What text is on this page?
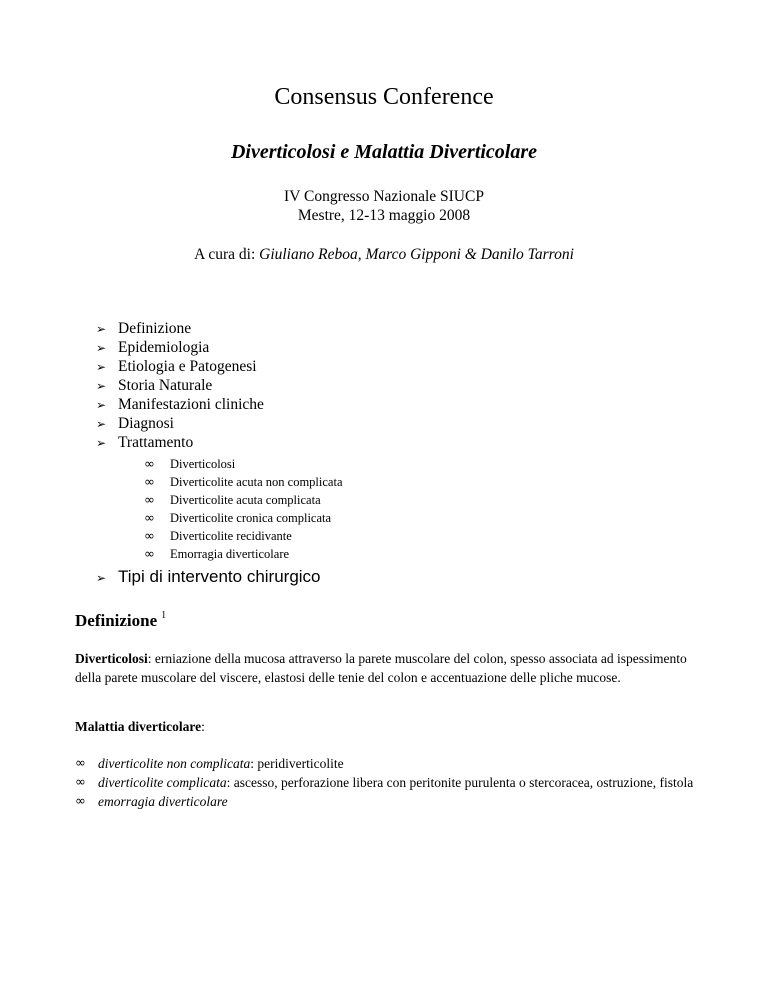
Consensus Conference
Diverticolosi e Malattia Diverticolare
IV Congresso Nazionale SIUCP
Mestre, 12-13 maggio 2008
A cura di: Giuliano Reboa, Marco Gipponi & Danilo Tarroni
➢ Definizione
➢ Epidemiologia
➢ Etiologia e Patogenesi
➢ Storia Naturale
➢ Manifestazioni cliniche
➢ Diagnosi
➢ Trattamento
∞ Diverticolosi
∞ Diverticolite acuta non complicata
∞ Diverticolite acuta complicata
∞ Diverticolite cronica complicata
∞ Diverticolite recidivante
∞ Emorragia diverticolare
➢ Tipi di intervento chirurgico
Definizione $^1$
Diverticolosi: erniazione della mucosa attraverso la parete muscolare del colon, spesso associata ad ispessimento della parete muscolare del viscere, elastosi delle tenie del colon e accentuazione delle pliche mucose.
Malattia diverticolare:
∞ diverticolite non complicata: peridiverticolite
∞ diverticolite complicata: ascesso, perforazione libera con peritonite purulenta o stercoracea, ostruzione, fistola
∞ emorragia diverticolare
